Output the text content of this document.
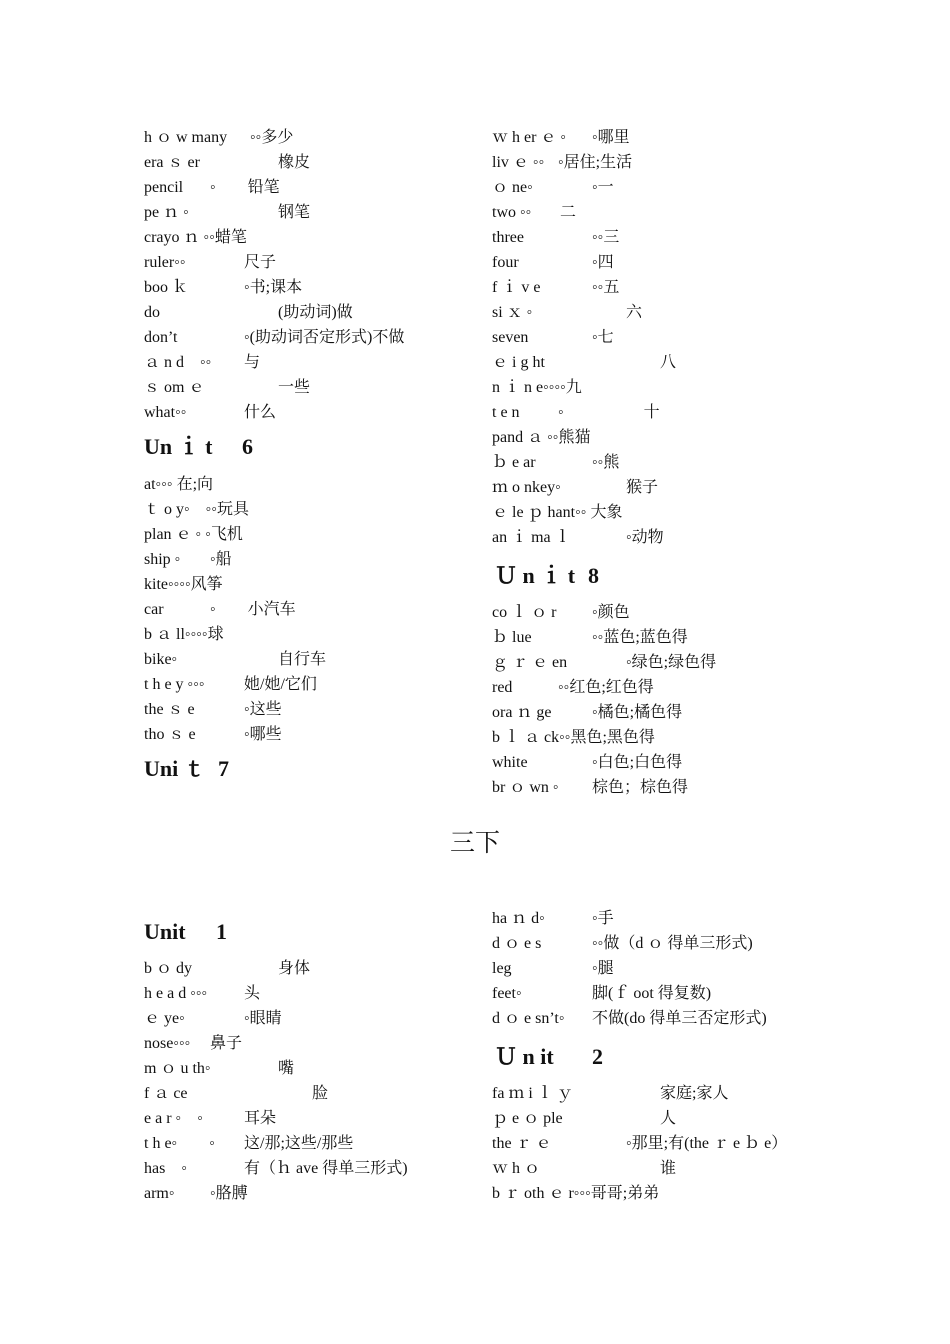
h ｏ w many ◦◦多少
era ｓ er	橡皮
pencil ◦　　铅笔
pe ｎ ◦	钢笔
crayo ｎ ◦◦蜡笔
ruler◦◦	尺子
boo ｋ	◦书;课本
do	(助动词)做
don’t	◦(助动词否定形式)不做
ａ n d　◦◦ 与
ｓ om ｅ	一些
what◦◦	什么
Un ｉ t 6
at◦◦◦ 在;向
ｔ o y◦　◦◦玩具
plan ｅ ◦ ◦飞机
ship ◦ ◦船
kite◦◦◦◦风筝
car	◦　　小汽车
b ａ ll◦◦◦◦球
bike◦	自行车
t h e y ◦◦◦ 她/她/它们
the ｓ e	◦这些
tho ｓ e	◦哪些
Uni ｔ 7
ｗ h er ｅ ◦ ◦哪里
liv ｅ ◦◦ ◦居住;生活
ｏ ne◦	◦一
two ◦◦ 二
three	◦◦三
four	◦四
f ｉ v e	◦◦五
si ｘ ◦	六
seven	◦七
ｅ i g ht	八
n ｉ n e◦◦◦◦九
t e n ◦　　　　　十
pand ａ ◦◦熊猫
ｂ e ar	◦◦熊
ｍ o nkey◦	猴子
ｅ le ｐ hant◦◦ 大象
an ｉ ma ｌ	◦动物
Ｕ n ｉ t 8
co ｌ ｏ r ◦颜色
ｂ lue	◦◦蓝色;蓝色得
ｇ ｒ ｅ en	◦绿色;绿色得
red	◦◦红色;红色得
ora ｎ ge	◦橘色;橘色得
b ｌ ａ ck◦◦黑色;黑色得
white	◦白色;白色得
br ｏ wn ◦ 棕色；棕色得
三下
Unit 1
b ｏ dy	身体
h e a d ◦◦◦ 头
ｅ ye◦	◦眼睛
nose◦◦◦ 鼻子
m ｏ u th◦	嘴
f ａ ce	脸
e a r ◦　◦	耳朵
t h e◦　　◦ 这/那;这些/那些
has　◦	有（ｈ ave 得单三形式)
arm◦ ◦胳膊
ha ｎ d◦	◦手
d ｏ e s	◦◦做（d ｏ 得单三形式)
leg	◦腿
feet◦	脚(ｆ oot 得复数)
d ｏ e sn’t◦ 不做(do 得单三否定形式)
Ｕ n it 2
fa ｍ i ｌ ｙ	家庭;家人
ｐ e ｏ ple	人
the ｒ ｅ	◦那里;有(the ｒ e ｂ e）
ｗ h ｏ	谁
b ｒ oth ｅ r◦◦◦哥哥;弟弟
